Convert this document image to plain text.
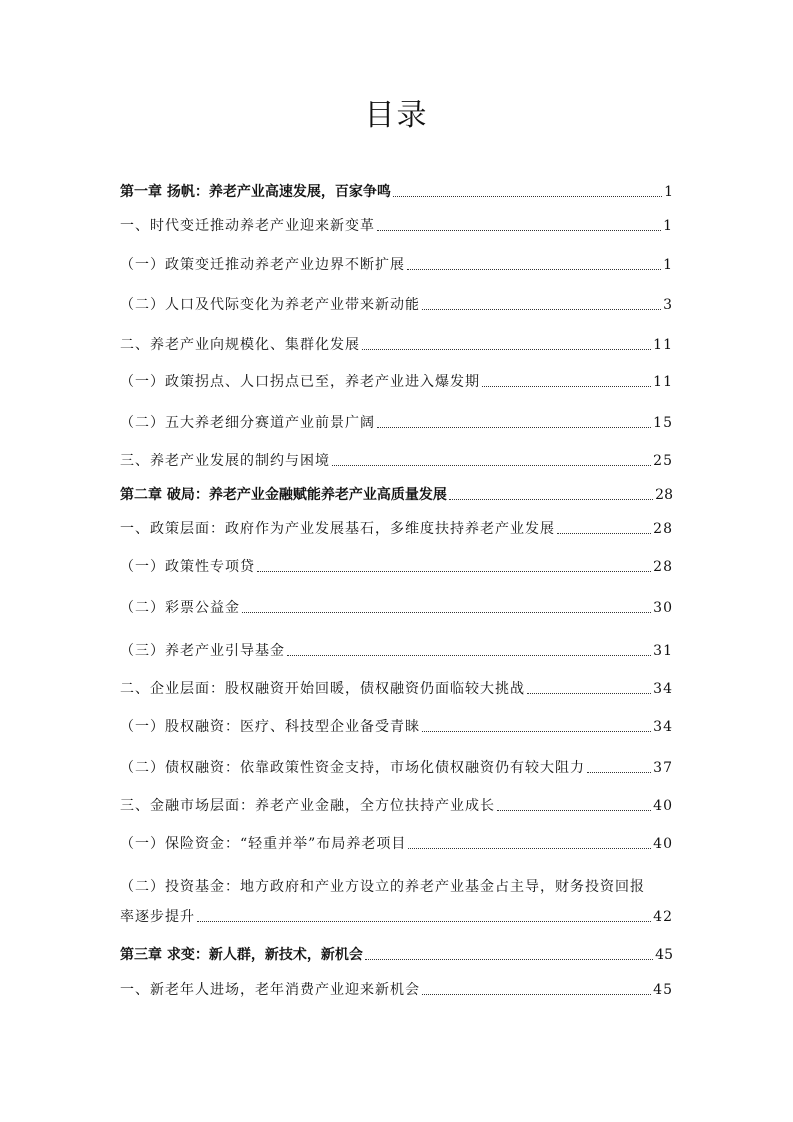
目录
第一章 扬帆：养老产业高速发展，百家争鸣	1
一、时代变迁推动养老产业迎来新变革	1
（一）政策变迁推动养老产业边界不断扩展	1
（二）人口及代际变化为养老产业带来新动能	3
二、养老产业向规模化、集群化发展	11
（一）政策拐点、人口拐点已至，养老产业进入爆发期	11
（二）五大养老细分赛道产业前景广阔	15
三、养老产业发展的制约与困境	25
第二章 破局：养老产业金融赋能养老产业高质量发展	28
一、政策层面：政府作为产业发展基石，多维度扶持养老产业发展	28
（一）政策性专项贷	28
（二）彩票公益金	30
（三）养老产业引导基金	31
二、企业层面：股权融资开始回暖，债权融资仍面临较大挑战	34
（一）股权融资：医疗、科技型企业备受青睐	34
（二）债权融资：依靠政策性资金支持，市场化债权融资仍有较大阻力	37
三、金融市场层面：养老产业金融，全方位扶持产业成长	40
（一）保险资金：“轻重并举”布局养老项目	40
（二）投资基金：地方政府和产业方设立的养老产业基金占主导，财务投资回报
率逐步提升	42
第三章 求变：新人群，新技术，新机会	45
一、新老年人进场，老年消费产业迎来新机会	45
